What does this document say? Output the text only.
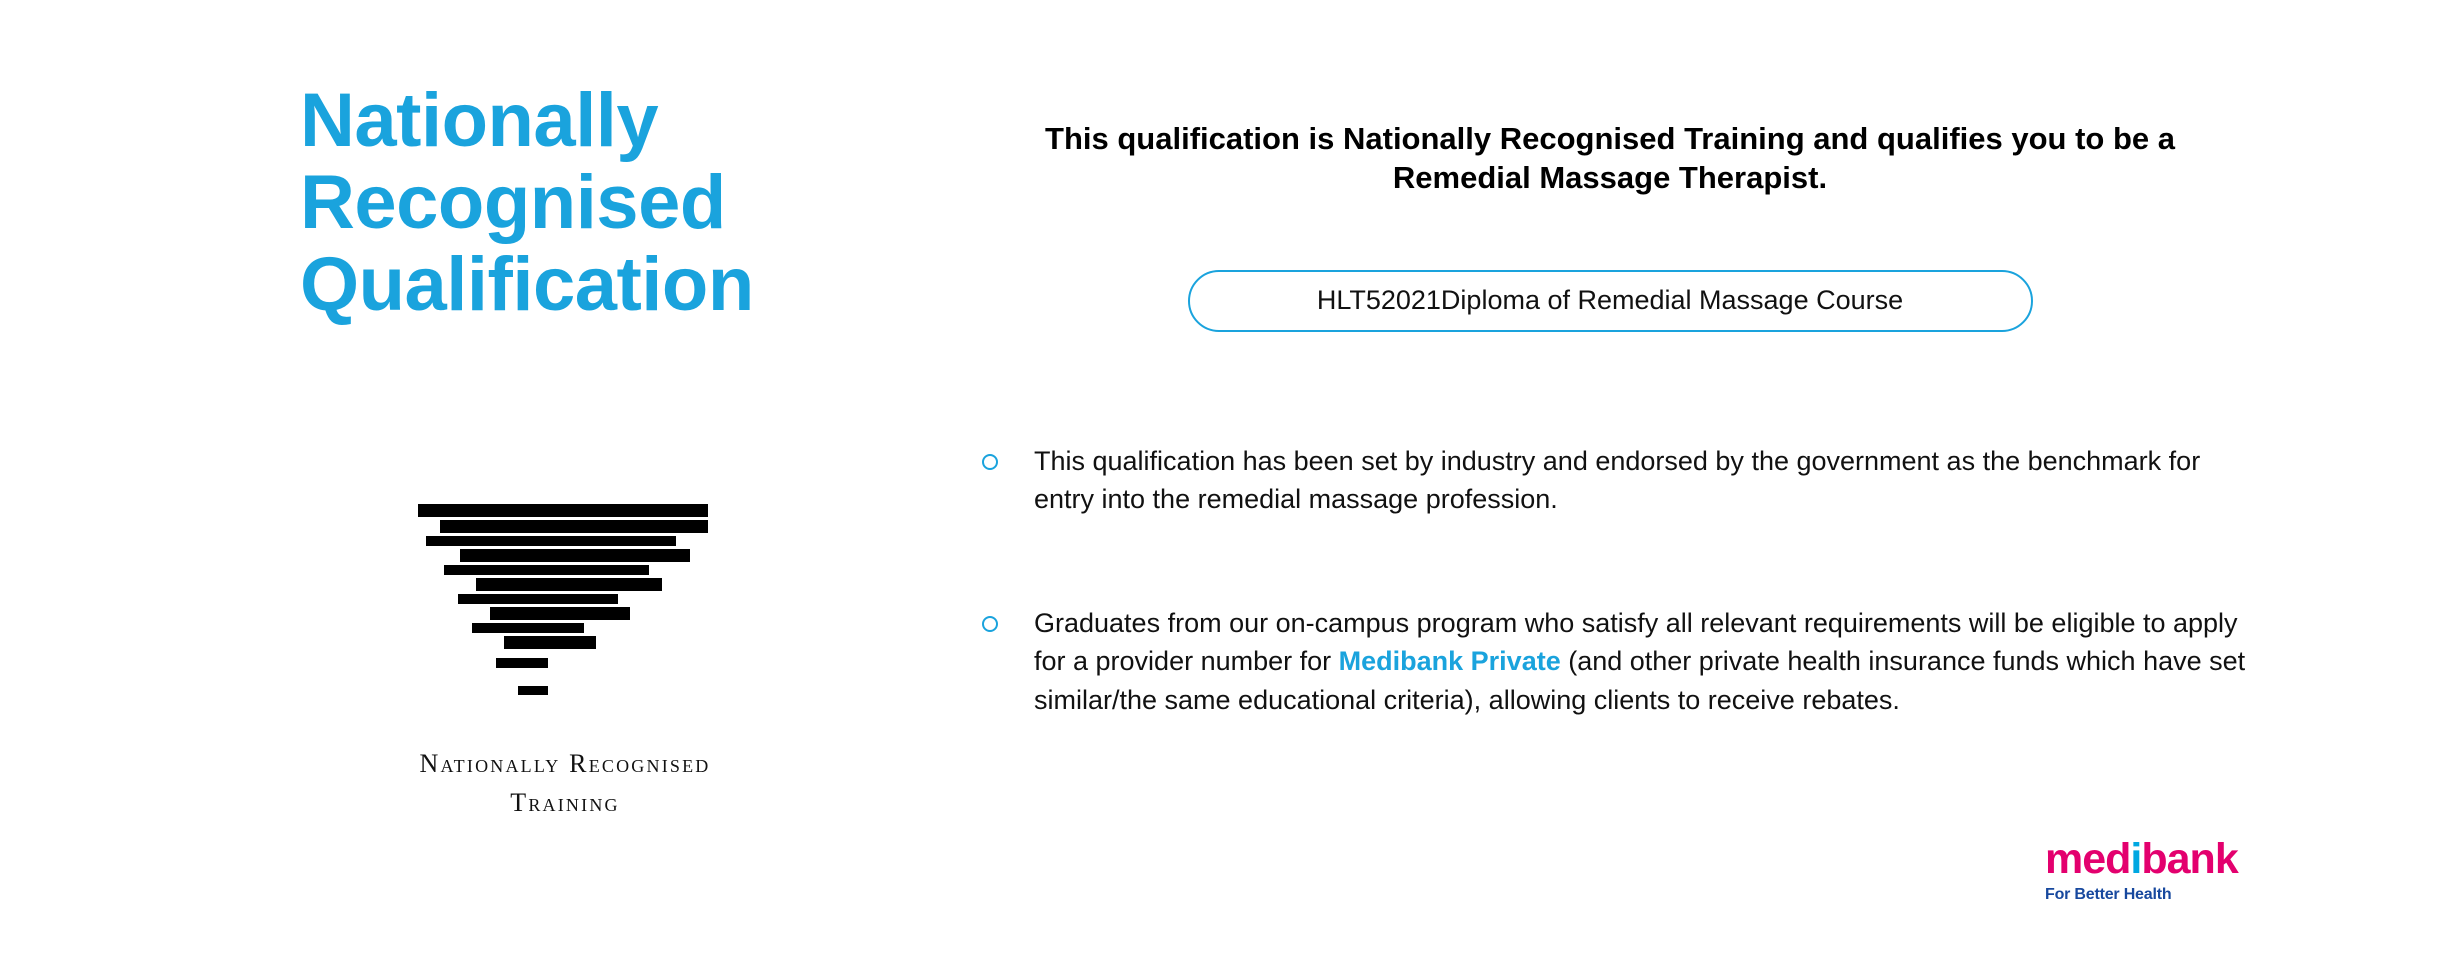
Nationally
Recognised
Qualification
Nationally Recognised
Training

This qualification is Nationally Recognised Training and qualifies you to be a Remedial Massage Therapist.

HLT52021Diploma of Remedial Massage Course
This qualification has been set by industry and endorsed by the government as the benchmark for entry into the remedial massage profession.
Graduates from our on-campus program who satisfy all relevant requirements will be eligible to apply for a provider number for Medibank Private (and other private health insurance funds which have set similar/the same educational criteria), allowing clients to receive rebates.
medibank
For Better Health
